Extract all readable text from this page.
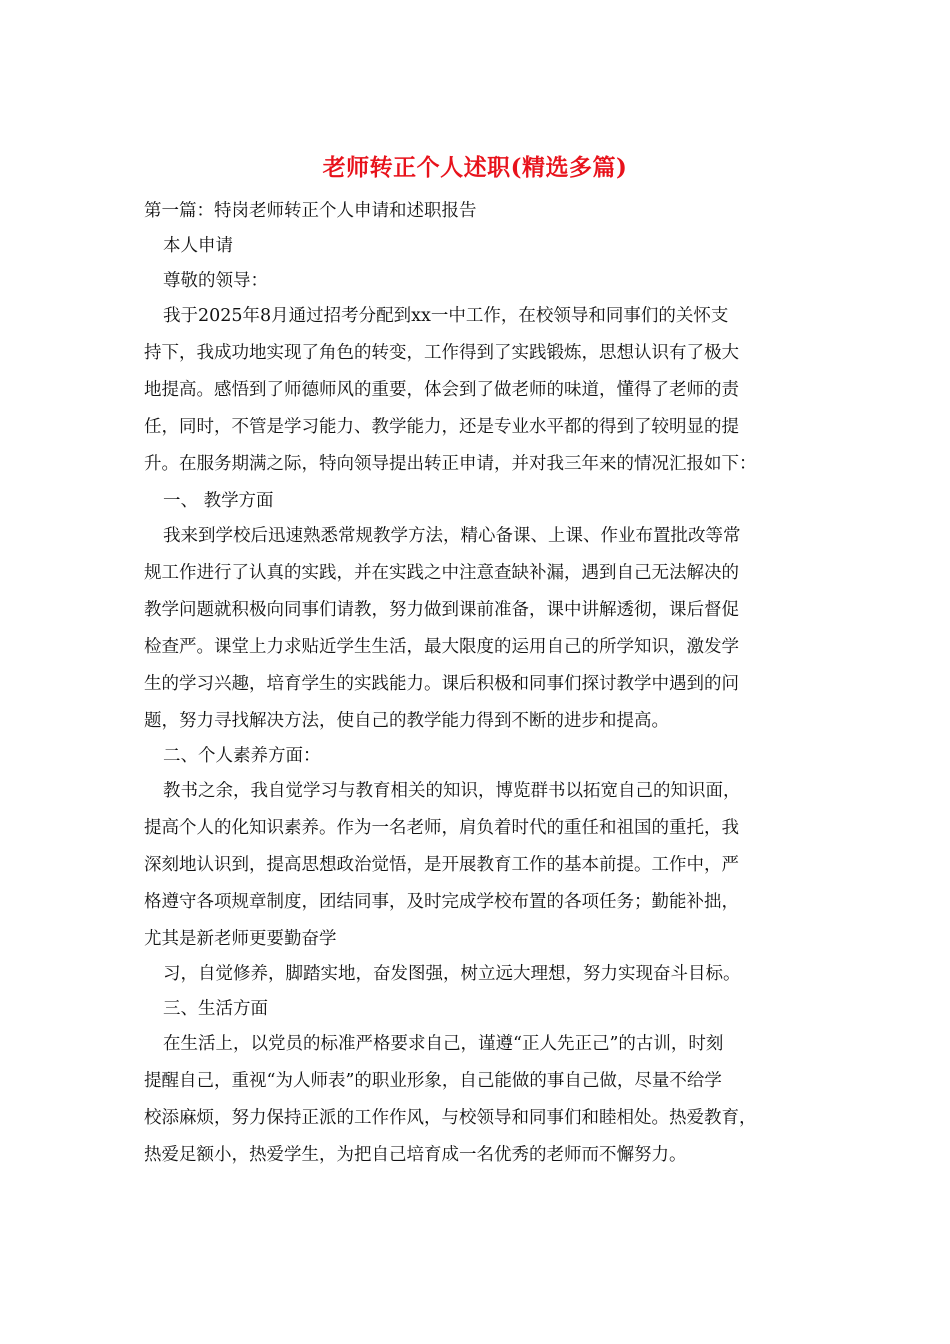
老师转正个人述职(精选多篇)
第一篇：特岗老师转正个人申请和述职报告
本人申请
尊敬的领导：
我于2025年8月通过招考分配到xx一中工作，在校领导和同事们的关怀支
持下，我成功地实现了角色的转变，工作得到了实践锻炼，思想认识有了极大
地提高。感悟到了师德师风的重要，体会到了做老师的味道，懂得了老师的责
任，同时，不管是学习能力、教学能力，还是专业水平都的得到了较明显的提
升。在服务期满之际，特向领导提出转正申请，并对我三年来的情况汇报如下：
一、 教学方面
我来到学校后迅速熟悉常规教学方法，精心备课、上课、作业布置批改等常
规工作进行了认真的实践，并在实践之中注意查缺补漏，遇到自己无法解决的
教学问题就积极向同事们请教，努力做到课前准备，课中讲解透彻，课后督促
检查严。课堂上力求贴近学生生活，最大限度的运用自己的所学知识，激发学
生的学习兴趣，培育学生的实践能力。课后积极和同事们探讨教学中遇到的问
题，努力寻找解决方法，使自己的教学能力得到不断的进步和提高。
二、个人素养方面：
教书之余，我自觉学习与教育相关的知识，博览群书以拓宽自己的知识面，
提高个人的化知识素养。作为一名老师，肩负着时代的重任和祖国的重托，我
深刻地认识到，提高思想政治觉悟，是开展教育工作的基本前提。工作中，严
格遵守各项规章制度，团结同事，及时完成学校布置的各项任务；勤能补拙，
尤其是新老师更要勤奋学
习，自觉修养，脚踏实地，奋发图强，树立远大理想，努力实现奋斗目标。
三、生活方面
在生活上，以党员的标准严格要求自己，谨遵“正人先正己”的古训，时刻
提醒自己，重视“为人师表”的职业形象，自己能做的事自己做，尽量不给学
校添麻烦，努力保持正派的工作作风，与校领导和同事们和睦相处。热爱教育，
热爱足额小，热爱学生，为把自己培育成一名优秀的老师而不懈努力。
